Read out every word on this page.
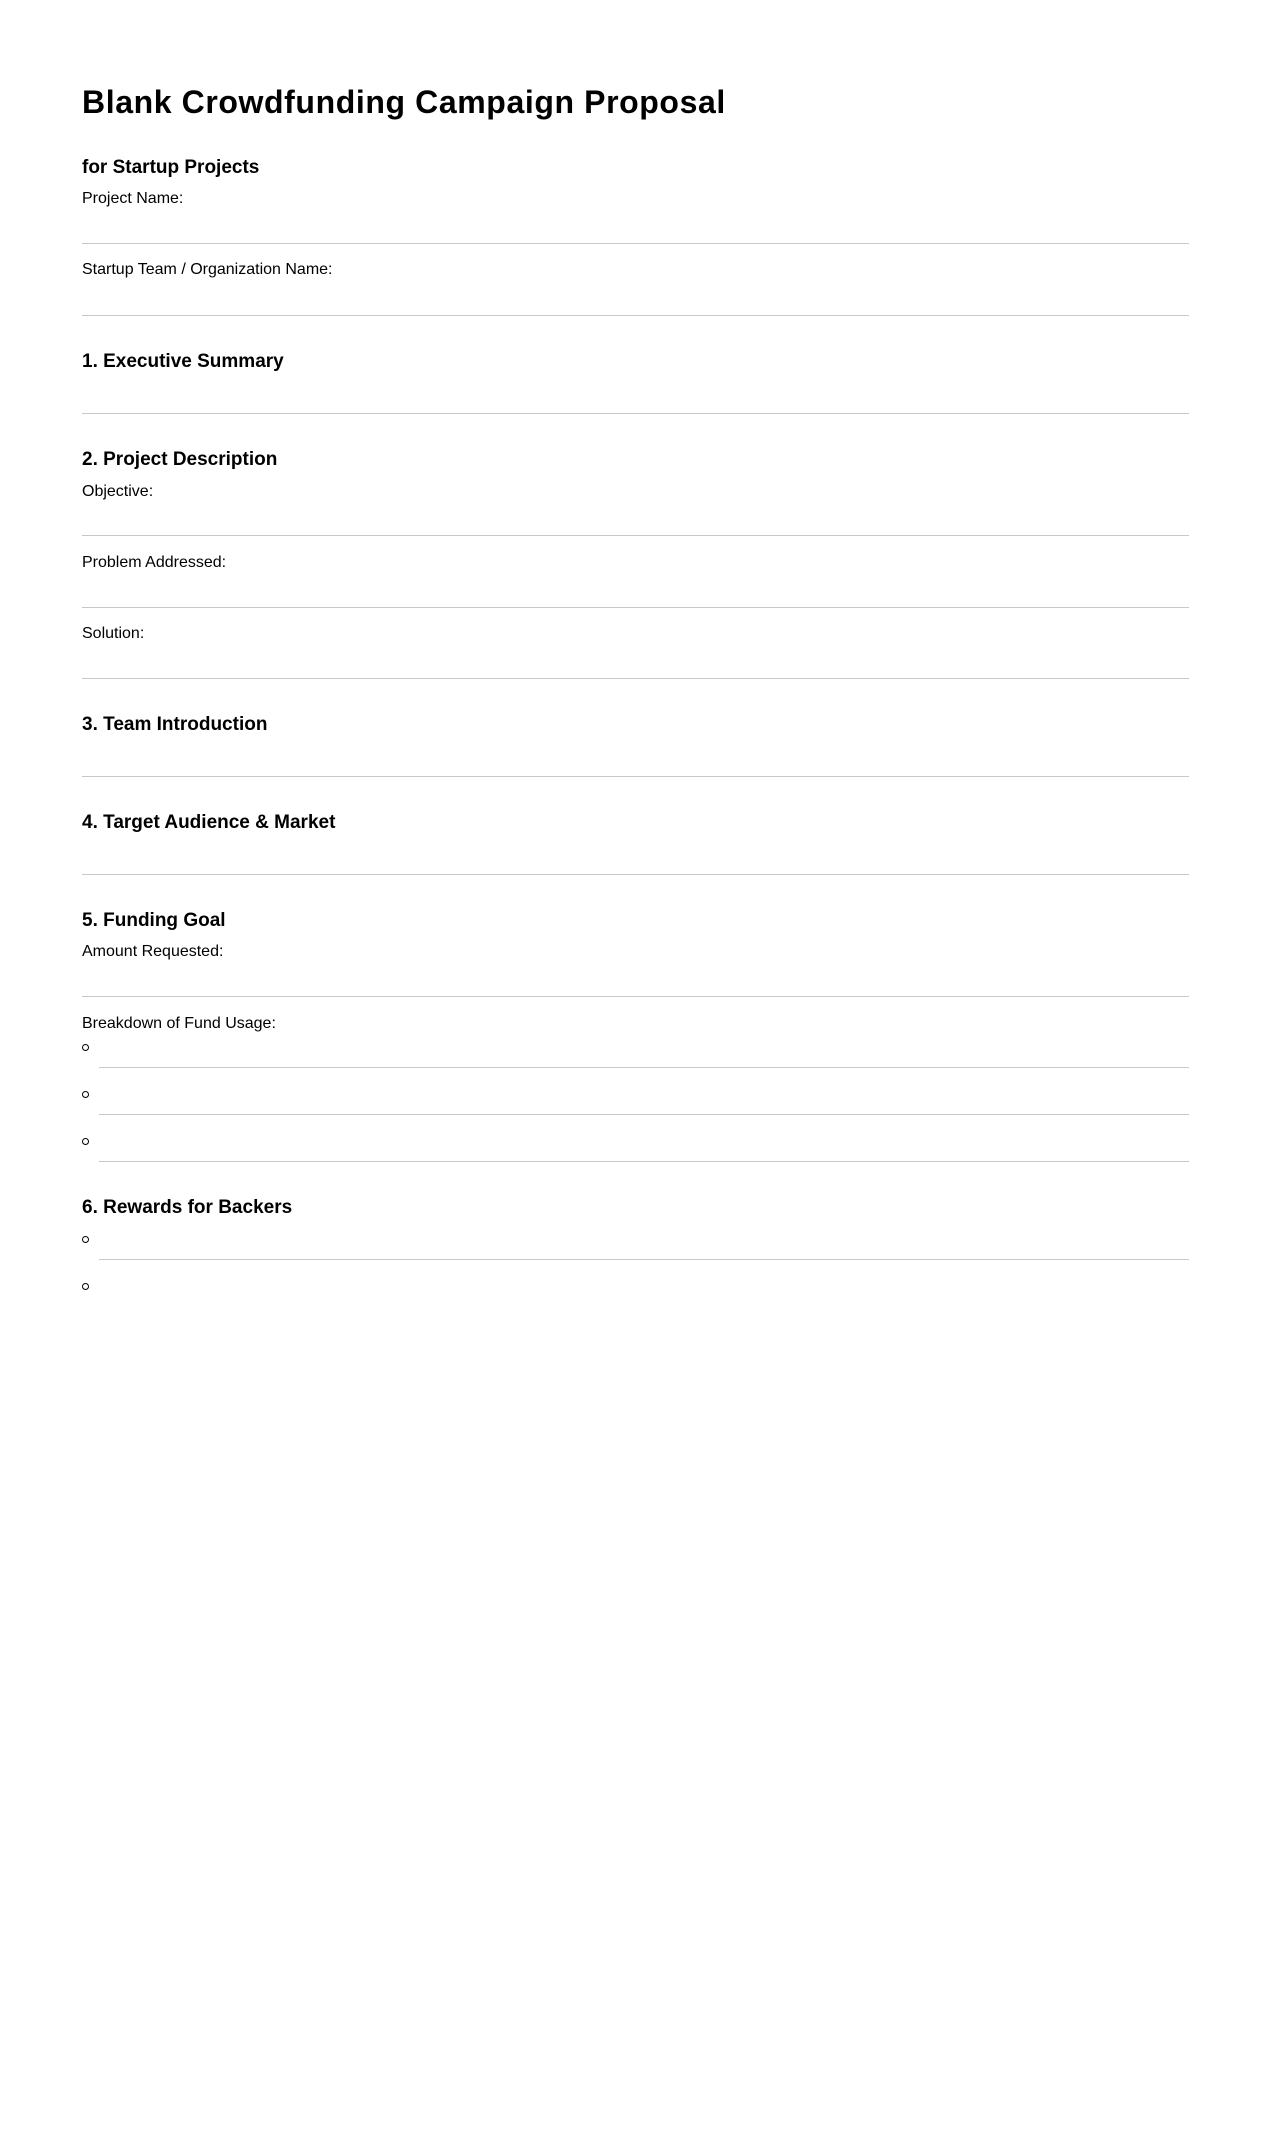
Blank Crowdfunding Campaign Proposal
for Startup Projects
Project Name:
Startup Team / Organization Name:
1. Executive Summary
2. Project Description
Objective:
Problem Addressed:
Solution:
3. Team Introduction
4. Target Audience & Market
5. Funding Goal
Amount Requested:
Breakdown of Fund Usage:
6. Rewards for Backers
